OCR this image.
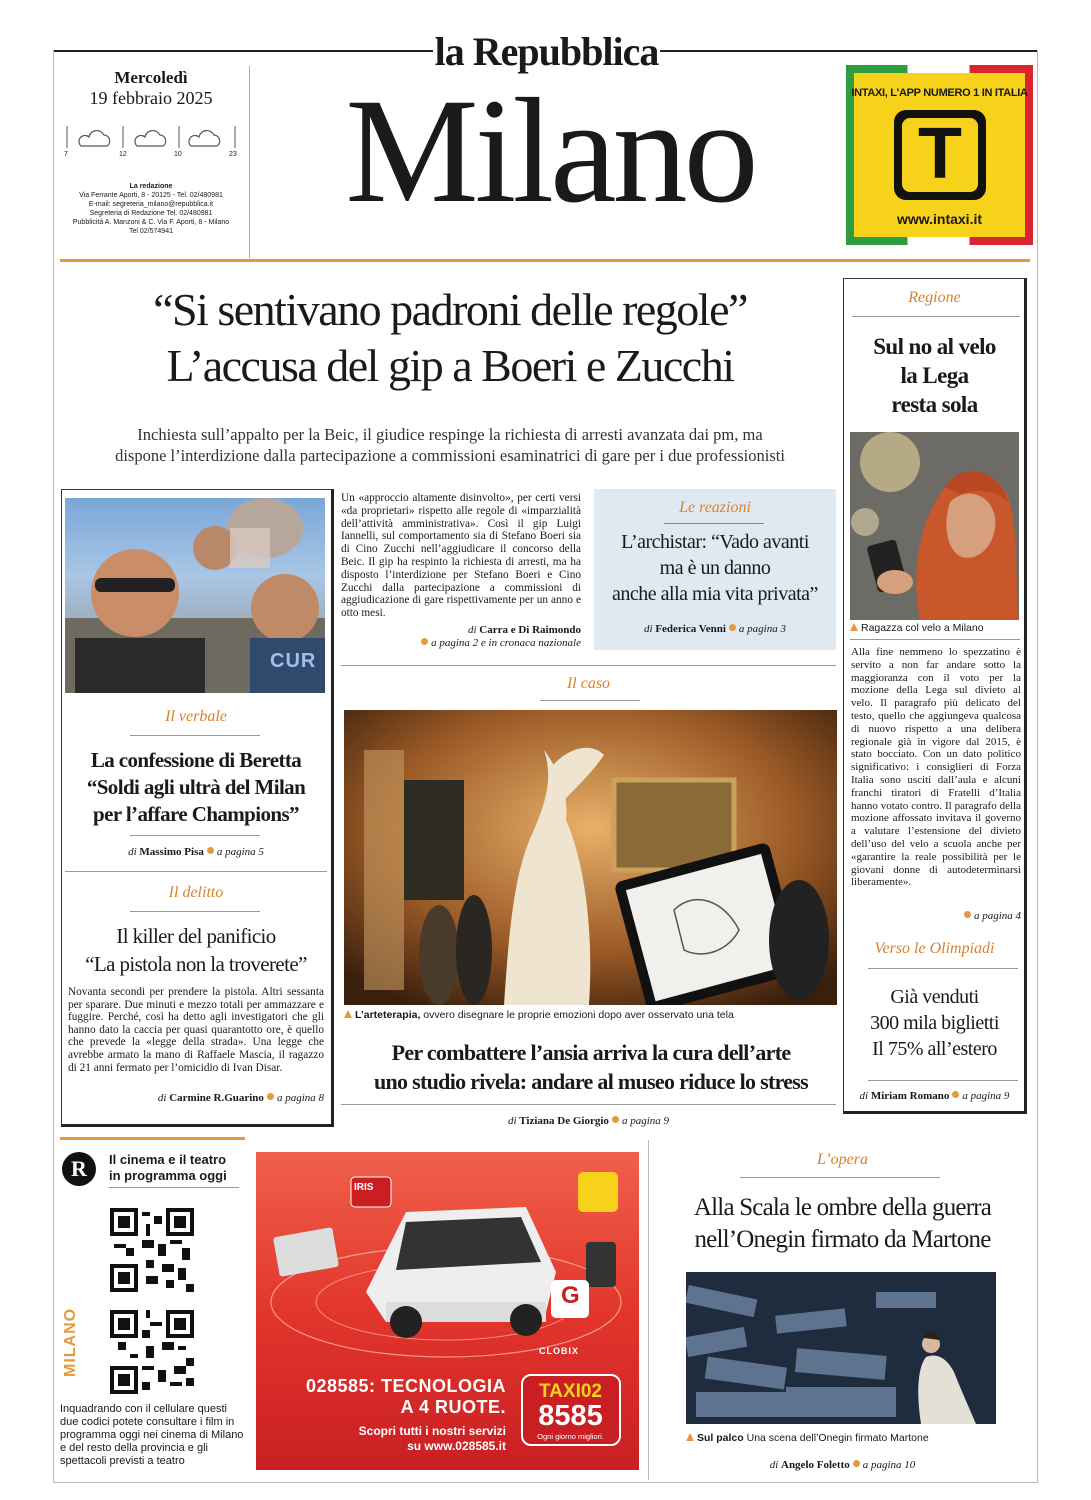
la Repubblica
Mercoledì
19 febbraio 2025
7	12	10	23
La redazione
Via Ferrante Aporti, 8 - 20125 - Tel. 02/480981
E-mail: segreteria_milano@repubblica.it
Segreteria di Redazione Tel. 02/480981
Pubblicità A. Manzoni & C. Via F. Aporti, 8 - Milano
Tel 02/574941	Milano	INTAXI, L'APP NUMERO 1 IN ITALIA
T
www.intaxi.it
“Si sentivano padroni delle regole”
L’accusa del gip a Boeri e Zucchi
Inchiesta sull’appalto per la Beic, il giudice respinge la richiesta di arresti avanzata dai pm, ma
dispone l’interdizione dalla partecipazione a commissioni esaminatrici di gare per i due professionisti
Un «approccio altamente disinvolto», per certi versi «da proprietari» rispetto alle regole di «imparzialità dell’attività amministrativa». Così il gip Luigi Iannelli, sul comportamento sia di Stefano Boeri sia di Cino Zucchi nell’aggiudicare il concorso della Beic. Il gip ha respinto la richiesta di arresti, ma ha disposto l’interdizione per Stefano Boeri e Cino Zucchi dalla partecipazione a commissioni di aggiudicazione di gare rispettivamente per un anno e otto mesi.
di Carra e Di Raimondo
a pagina 2 e in cronaca nazionale
Le reazioni
L’archistar: “Vado avanti
ma è un danno
anche alla mia vita privata”
di Federica Venni a pagina 3
CUR
Il verbale
La confessione di Beretta
“Soldi agli ultrà del Milan
per l’affare Champions”
di Massimo Pisa a pagina 5
Il delitto
Il killer del panificio
“La pistola non la troverete”
Novanta secondi per prendere la pistola. Altri sessanta per sparare. Due minuti e mezzo totali per ammazzare e fuggire. Perché, così ha detto agli investigatori che gli hanno dato la caccia per quasi quarantotto ore, è quello che prevede la «legge della strada». Una legge che avrebbe armato la mano di Raffaele Mascia, il ragazzo di 21 anni fermato per l’omicidio di Ivan Disar.
di Carmine R.Guarino a pagina 8
Il caso
L’arteterapia, ovvero disegnare le proprie emozioni dopo aver osservato una tela
Per combattere l’ansia arriva la cura dell’arte
uno studio rivela: andare al museo riduce lo stress
di Tiziana De Giorgio a pagina 9
Regione
Sul no al velo
la Lega
resta sola
Ragazza col velo a Milano
Alla fine nemmeno lo spezzatino è servito a non far andare sotto la maggioranza con il voto per la mozione della Lega sul divieto al velo. Il paragrafo più delicato del testo, quello che aggiungeva qualcosa di nuovo rispetto a una delibera regionale già in vigore dal 2015, è stato bocciato. Con un dato politico significativo: i consiglieri di Forza Italia sono usciti dall’aula e alcuni franchi tiratori di Fratelli d’Italia hanno votato contro. Il paragrafo della mozione affossato invitava il governo a valutare l’estensione del divieto dell’uso del velo a scuola anche per «garantire la reale possibilità per le giovani donne di autodeterminarsi liberamente».
a pagina 4
Verso le Olimpiadi
Già venduti
300 mila biglietti
Il 75% all’estero
di Miriam Romano a pagina 9
R	Il cinema e il teatro
in programma oggi
MILANO
Inquadrando con il cellulare questi due codici potete consultare i film in programma oggi nei cinema di Milano e del resto della provincia e gli spettacoli previsti a teatro
IRIS
G
CLOBIX
028585: TECNOLOGIA
A 4 RUOTE.
Scopri tutti i nostri servizi
su www.028585.it
TAXI02
8585
Ogni giorno migliori.
L’opera
Alla Scala le ombre della guerra
nell’Onegin firmato da Martone
Sul palco Una scena dell’Onegin firmato Martone
di Angelo Foletto a pagina 10
